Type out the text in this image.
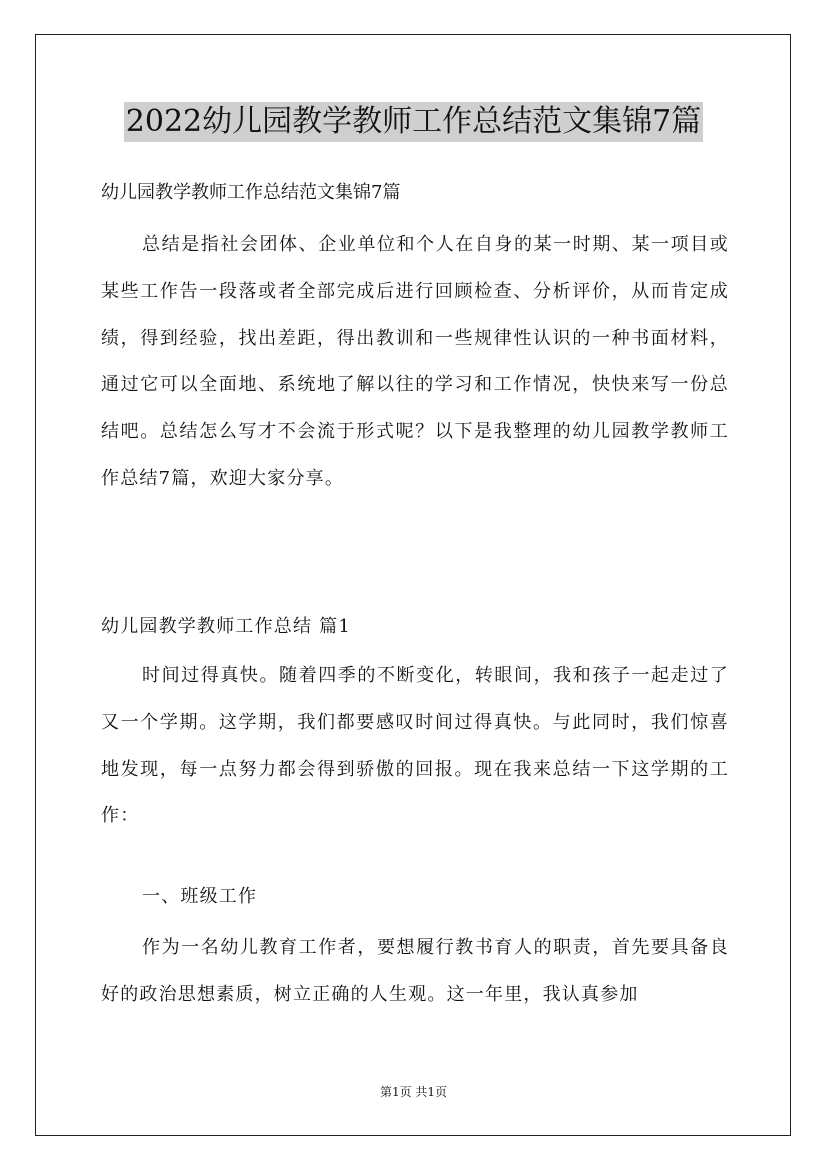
2022幼儿园教学教师工作总结范文集锦7篇

幼儿园教学教师工作总结范文集锦7篇

总结是指社会团体、企业单位和个人在自身的某一时期、某一项目或某些工作告一段落或者全部完成后进行回顾检查、分析评价，从而肯定成绩，得到经验，找出差距，得出教训和一些规律性认识的一种书面材料，通过它可以全面地、系统地了解以往的学习和工作情况，快快来写一份总结吧。总结怎么写才不会流于形式呢？以下是我整理的幼儿园教学教师工作总结7篇，欢迎大家分享。

幼儿园教学教师工作总结 篇1

时间过得真快。随着四季的不断变化，转眼间，我和孩子一起走过了又一个学期。这学期，我们都要感叹时间过得真快。与此同时，我们惊喜地发现，每一点努力都会得到骄傲的回报。现在我来总结一下这学期的工作：

一、班级工作

作为一名幼儿教育工作者，要想履行教书育人的职责，首先要具备良好的政治思想素质，树立正确的人生观。这一年里，我认真参加

第1页 共1页
